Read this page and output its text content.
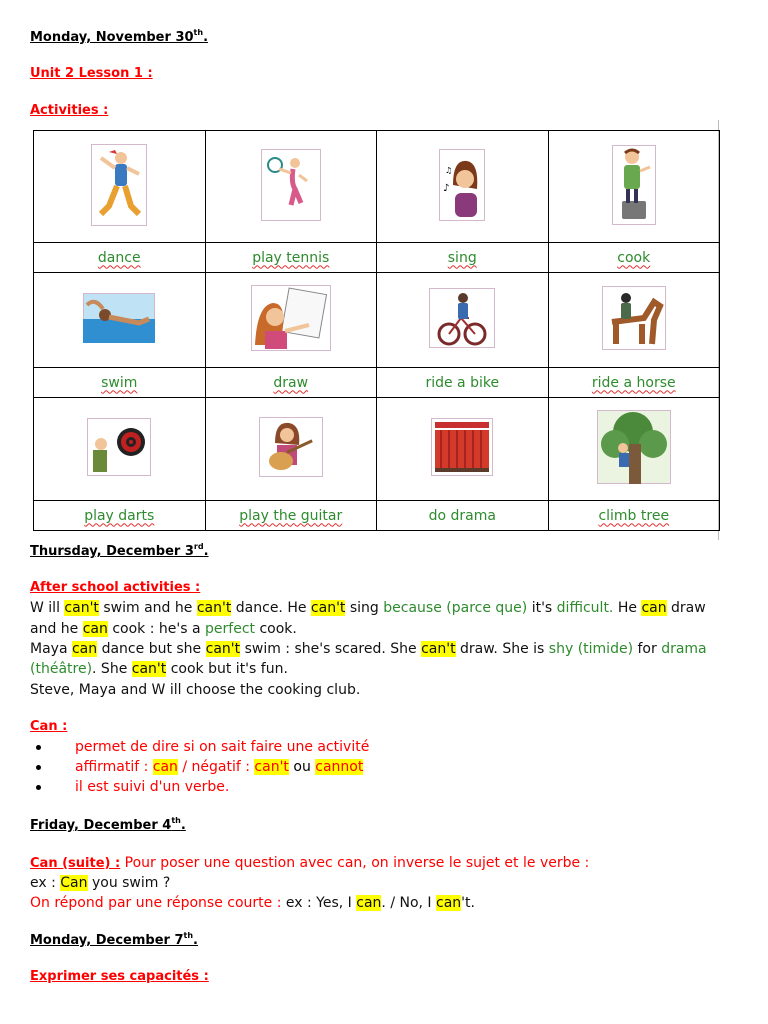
Monday, November 30th.
Unit 2 Lesson 1 :
Activities :

♪
♫

dance	play tennis	sing	cook

swim	draw	ride a bike	ride a horse

play darts	play the guitar	do drama	climb tree
Thursday, December 3rd.
After school activities :
W ill can't swim and he can't dance. He can't sing because (parce que) it's difficult. He can draw
and he can cook : he's a perfect cook.
Maya can dance but she can't swim : she's scared. She can't draw. She is shy (timide) for drama
(théâtre). She can't cook but it's fun.
Steve, Maya and W ill choose the cooking club.
Can :
permet de dire si on sait faire une activité
affirmatif : can / négatif : can't ou cannot
il est suivi d'un verbe.
Friday, December 4th.
Can (suite) : Pour poser une question avec can, on inverse le sujet et le verbe :
ex : Can you swim ?
On répond par une réponse courte : ex : Yes, I can. / No, I can't.
Monday, December 7th.
Exprimer ses capacités :
